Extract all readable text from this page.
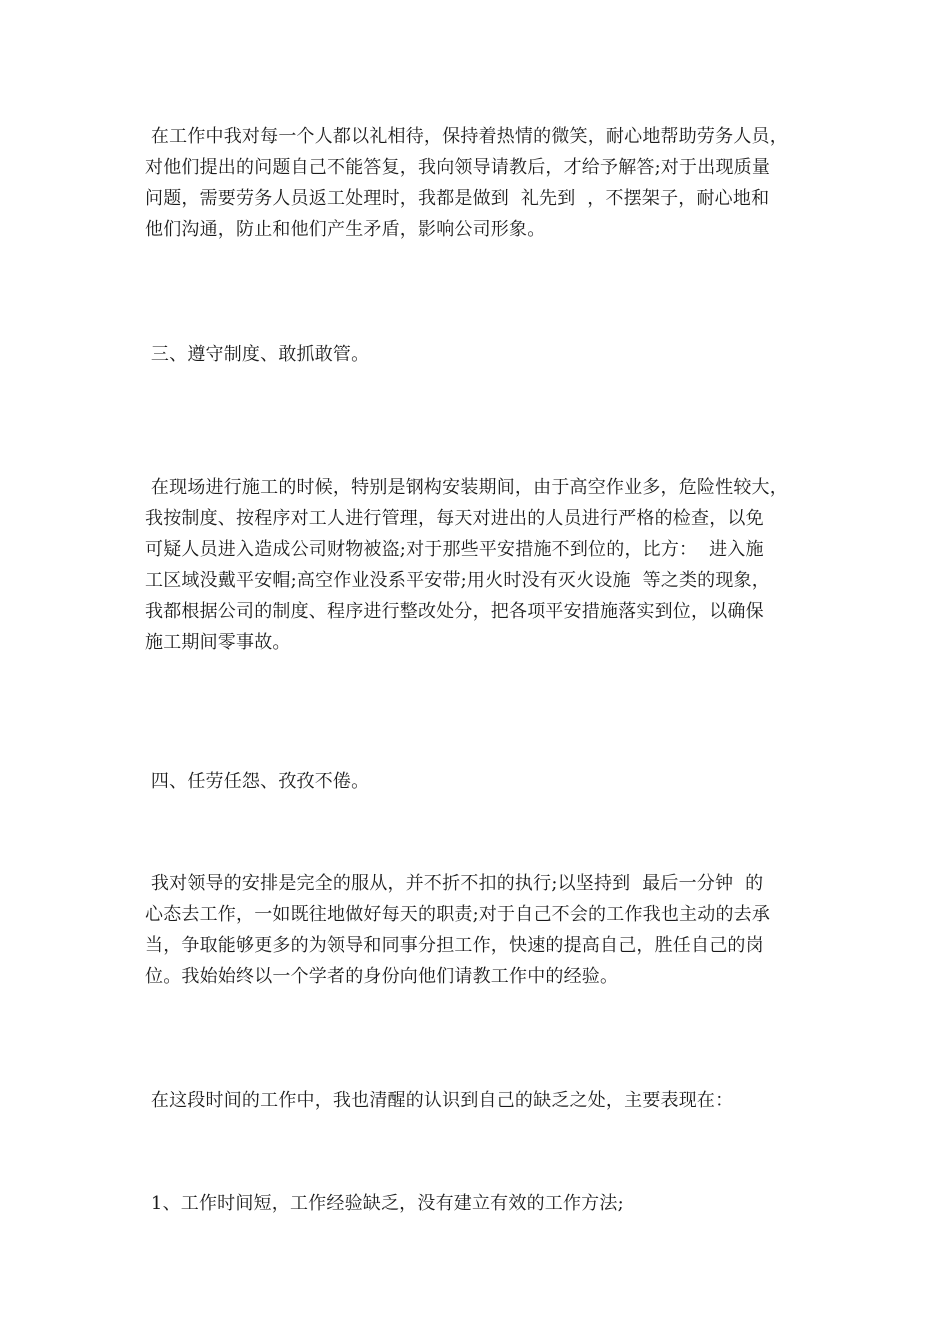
在工作中我对每一个人都以礼相待，保持着热情的微笑，耐心地帮助劳务人员，
对他们提出的问题自己不能答复，我向领导请教后，才给予解答;对于出现质量
问题，需要劳务人员返工处理时，我都是做到  礼先到  ，不摆架子，耐心地和
他们沟通，防止和他们产生矛盾，影响公司形象。
三、遵守制度、敢抓敢管。
在现场进行施工的时候，特别是钢构安装期间，由于高空作业多，危险性较大，
我按制度、按程序对工人进行管理，每天对进出的人员进行严格的检查，以免
可疑人员进入造成公司财物被盗;对于那些平安措施不到位的，比方：  进入施
工区域没戴平安帽;高空作业没系平安带;用火时没有灭火设施  等之类的现象，
我都根据公司的制度、程序进行整改处分，把各项平安措施落实到位，以确保
施工期间零事故。
四、任劳任怨、孜孜不倦。
我对领导的安排是完全的服从，并不折不扣的执行;以坚持到  最后一分钟  的
心态去工作，一如既往地做好每天的职责;对于自己不会的工作我也主动的去承
当，争取能够更多的为领导和同事分担工作，快速的提高自己，胜任自己的岗
位。我始始终以一个学者的身份向他们请教工作中的经验。
在这段时间的工作中，我也清醒的认识到自己的缺乏之处，主要表现在：
1、工作时间短，工作经验缺乏，没有建立有效的工作方法;
